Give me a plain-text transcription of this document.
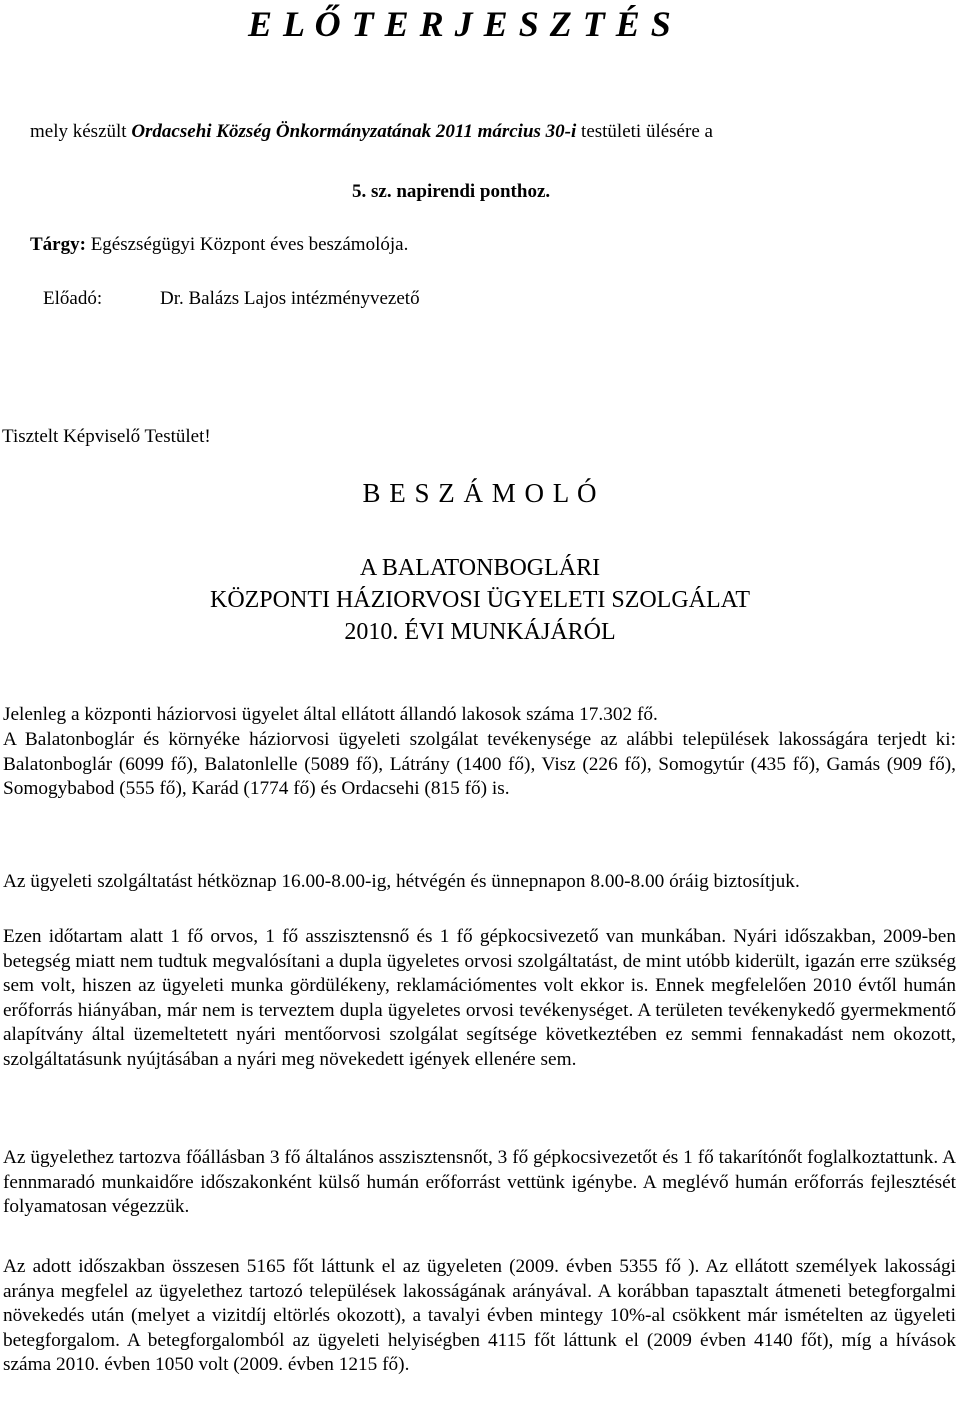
E L Ő T E R J E S Z T É S
mely készült Ordacsehi Község Önkormányzatának 2011 március 30-i testületi ülésére a
5. sz. napirendi ponthoz.
Tárgy: Egészségügyi Központ éves beszámolója.
Előadó:	Dr. Balázs Lajos intézményvezető
Tisztelt Képviselő Testület!
B E S Z Á M O L Ó
A BALATONBOGLÁRI
KÖZPONTI HÁZIORVOSI ÜGYELETI SZOLGÁLAT
2010. ÉVI MUNKÁJÁRÓL
Jelenleg a központi háziorvosi ügyelet által ellátott állandó lakosok száma 17.302 fő.
A Balatonboglár és környéke háziorvosi ügyeleti szolgálat tevékenysége az alábbi települések lakosságára terjedt ki: Balatonboglár (6099 fő), Balatonlelle (5089 fő), Látrány (1400 fő), Visz (226 fő), Somogytúr (435 fő), Gamás (909 fő), Somogybabod (555 fő), Karád (1774 fő) és Ordacsehi (815 fő) is.
Az ügyeleti szolgáltatást hétköznap 16.00-8.00-ig, hétvégén és ünnepnapon 8.00-8.00 óráig biztosítjuk.
Ezen időtartam alatt 1 fő orvos, 1 fő asszisztensnő és 1 fő gépkocsivezető van munkában. Nyári időszakban, 2009-ben betegség miatt nem tudtuk megvalósítani a dupla ügyeletes orvosi szolgáltatást, de mint utóbb kiderült, igazán erre szükség sem volt, hiszen az ügyeleti munka gördülékeny, reklamációmentes volt ekkor is. Ennek megfelelően 2010 évtől humán erőforrás hiányában, már nem is terveztem dupla ügyeletes orvosi tevékenységet. A területen tevékenykedő gyermekmentő alapítvány által üzemeltetett nyári mentőorvosi szolgálat segítsége következtében ez semmi fennakadást nem okozott, szolgáltatásunk nyújtásában a nyári meg növekedett igények ellenére sem.
Az ügyelethez tartozva főállásban 3 fő általános asszisztensnőt, 3 fő gépkocsivezetőt és 1 fő takarítónőt foglalkoztattunk. A fennmaradó munkaidőre időszakonként külső humán erőforrást vettünk igénybe. A meglévő humán erőforrás fejlesztését folyamatosan végezzük.
Az adott időszakban összesen 5165 főt láttunk el az ügyeleten (2009. évben 5355 fő ). Az ellátott személyek lakossági aránya megfelel az ügyelethez tartozó települések lakosságának arányával. A korábban tapasztalt átmeneti betegforgalmi növekedés után (melyet a vizitdíj eltörlés okozott), a tavalyi évben mintegy 10%-al csökkent már ismételten az ügyeleti betegforgalom. A betegforgalomból az ügyeleti helyiségben 4115 főt láttunk el (2009 évben 4140 főt), míg a hívások száma 2010. évben 1050 volt (2009. évben 1215 fő).
